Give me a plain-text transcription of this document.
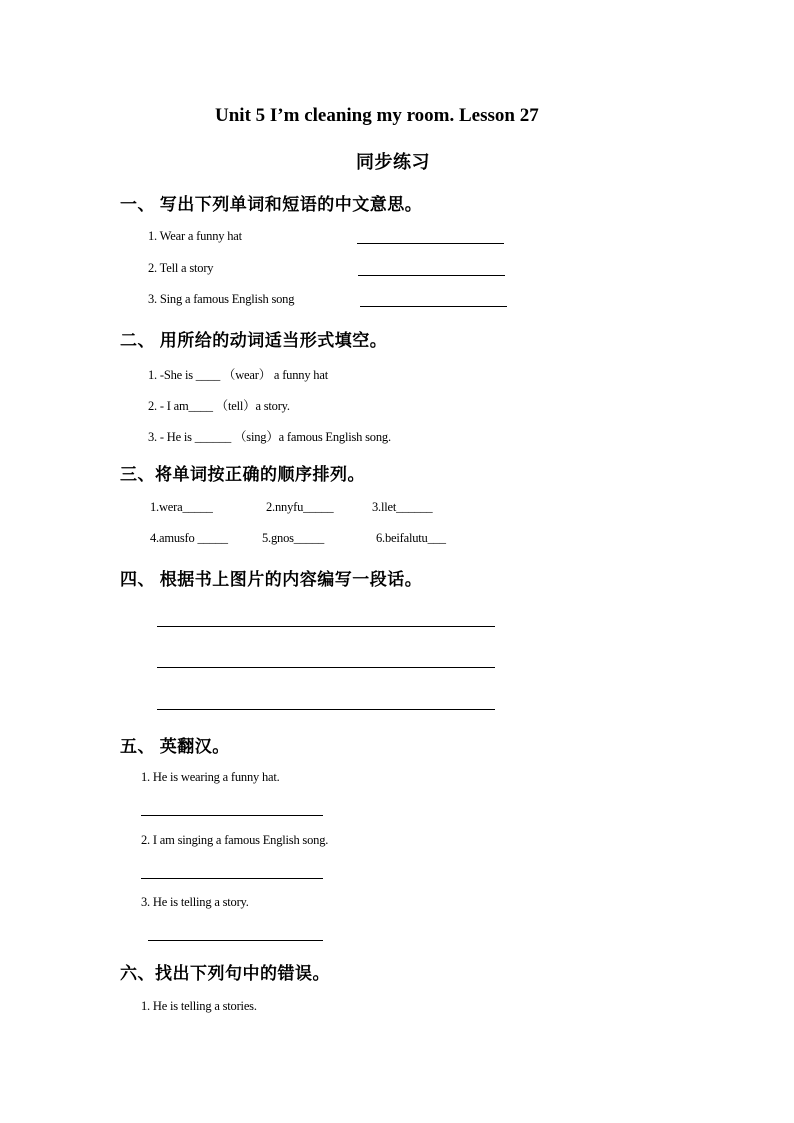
Unit 5 I’m cleaning my room. Lesson 27
同步练习
一、 写出下列单词和短语的中文意思。
1. Wear a funny hat
2. Tell a story
3. Sing a famous English song
二、 用所给的动词适当形式填空。
1. -She is ____ （wear） a funny hat
2. - I am____ （tell）a story.
3. - He is ______ （sing）a famous English song.
三、将单词按正确的顺序排列。
1.wera_____	2.nnyfu_____	3.llet______
4.amusfo _____	5.gnos_____	6.beifalutu___
四、 根据书上图片的内容编写一段话。
五、 英翻汉。
1. He is wearing a funny hat.
2. I am singing a famous English song.
3. He is telling a story.
六、找出下列句中的错误。
1. He is telling a stories.
